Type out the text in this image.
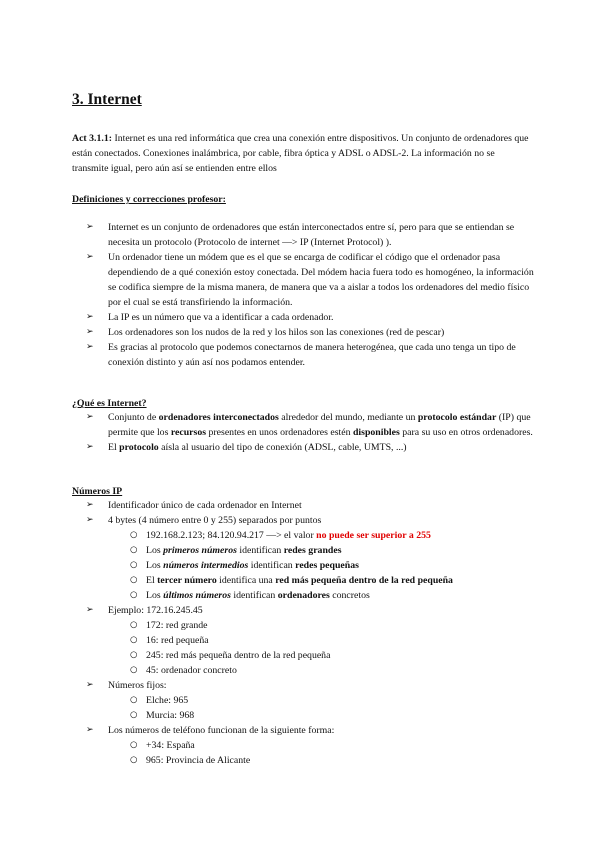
3. Internet

Act 3.1.1: Internet es una red informática que crea una conexión entre dispositivos. Un conjunto de ordenadores que están conectados. Conexiones inalámbrica, por cable, fibra óptica y ADSL o ADSL-2. La información no se transmite igual, pero aún así se entienden entre ellos

Definiciones y correcciones profesor:

➢ Internet es un conjunto de ordenadores que están interconectados entre sí, pero para que se entiendan se necesita un protocolo (Protocolo de internet —> IP (Internet Protocol) ).
➢ Un ordenador tiene un módem que es el que se encarga de codificar el código que el ordenador pasa dependiendo de a qué conexión estoy conectada. Del módem hacia fuera todo es homogéneo, la información se codifica siempre de la misma manera, de manera que va a aislar a todos los ordenadores del medio físico por el cual se está transfiriendo la información.
➢ La IP es un número que va a identificar a cada ordenador.
➢ Los ordenadores son los nudos de la red y los hilos son las conexiones (red de pescar)
➢ Es gracias al protocolo que podemos conectarnos de manera heterogénea, que cada uno tenga un tipo de conexión distinto y aún así nos podamos entender.

¿Qué es Internet?

➢ Conjunto de ordenadores interconectados alrededor del mundo, mediante un protocolo estándar (IP) que permite que los recursos presentes en unos ordenadores estén disponibles para su uso en otros ordenadores.
➢ El protocolo aísla al usuario del tipo de conexión (ADSL, cable, UMTS, ...)

Números IP

➢ Identificador único de cada ordenador en Internet
➢ 4 bytes (4 número entre 0 y 255) separados por puntos
○ 192.168.2.123; 84.120.94.217 —> el valor no puede ser superior a 255
○ Los primeros números identifican redes grandes
○ Los números intermedios identifican redes pequeñas
○ El tercer número identifica una red más pequeña dentro de la red pequeña
○ Los últimos números identifican ordenadores concretos
➢ Ejemplo: 172.16.245.45
○ 172: red grande
○ 16: red pequeña
○ 245: red más pequeña dentro de la red pequeña
○ 45: ordenador concreto
➢ Números fijos:
○ Elche: 965
○ Murcia: 968
➢ Los números de teléfono funcionan de la siguiente forma:
○ +34: España
○ 965: Provincia de Alicante
